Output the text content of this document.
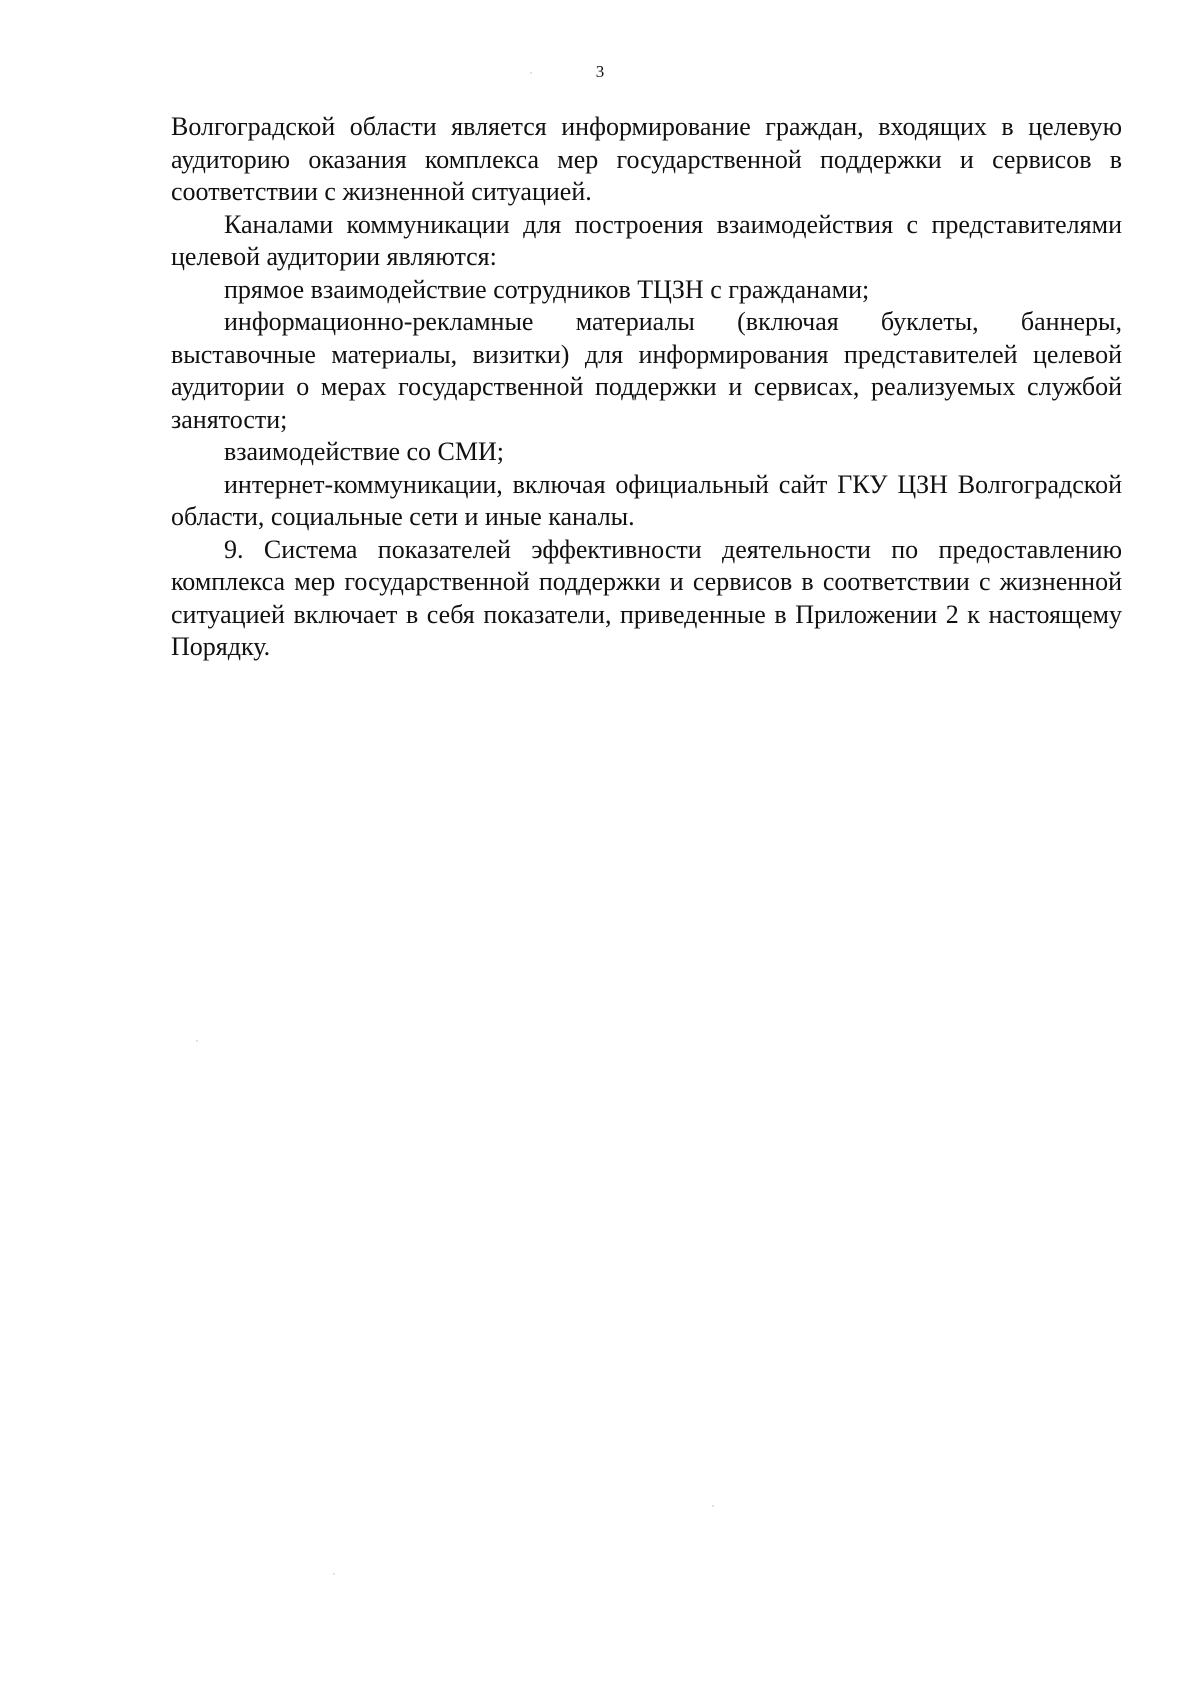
3

Волгоградской области является информирование граждан, входящих в целевую аудиторию оказания комплекса мер государственной поддержки и сервисов в соответствии с жизненной ситуацией.

Каналами коммуникации для построения взаимодействия с представителями целевой аудитории являются:

прямое взаимодействие сотрудников ТЦЗН с гражданами;

информационно-рекламные материалы (включая буклеты, баннеры, выставочные материалы, визитки) для информирования представителей целевой аудитории о мерах государственной поддержки и сервисах, реализуемых службой занятости;

взаимодействие со СМИ;

интернет-коммуникации, включая официальный сайт ГКУ ЦЗН Волгоградской области, социальные сети и иные каналы.

9. Система показателей эффективности деятельности по предоставлению комплекса мер государственной поддержки и сервисов в соответствии с жизненной ситуацией включает в себя показатели, приведенные в Приложении 2 к настоящему Порядку.
